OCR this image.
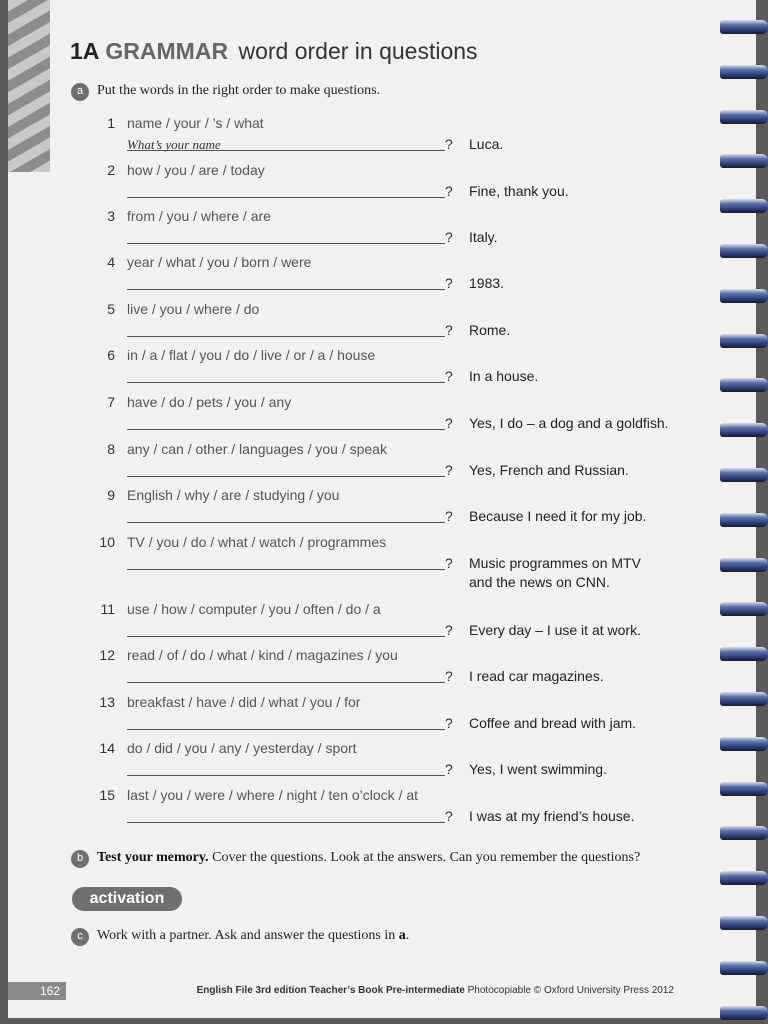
1A GRAMMAR word order in questions
a Put the words in the right order to make questions.
1 name / your / ’s / what
? Luca.
What’s your name
2 how / you / are / today
? Fine, thank you.
3 from / you / where / are
? Italy.
4 year / what / you / born / were
? 1983.
5 live / you / where / do
? Rome.
6 in / a / flat / you / do / live / or / a / house
? In a house.
7 have / do / pets / you / any
? Yes, I do – a dog and a goldfish.
8 any / can / other / languages / you / speak
? Yes, French and Russian.
9 English / why / are / studying / you
? Because I need it for my job.
10 TV / you / do / what / watch / programmes
? Music programmes on MTV
and the news on CNN.
11 use / how / computer / you / often / do / a
? Every day – I use it at work.
12 read / of / do / what / kind / magazines / you
? I read car magazines.
13 breakfast / have / did / what / you / for
? Coffee and bread with jam.
14 do / did / you / any / yesterday / sport
? Yes, I went swimming.
15 last / you / were / where / night / ten o’clock / at
? I was at my friend’s house.
b Test your memory. Cover the questions. Look at the answers. Can you remember the questions?
activation
c	Work with a partner. Ask and answer the questions in a.
162	English File 3rd edition Teacher’s Book Pre-intermediate Photocopiable © Oxford University Press 2012
